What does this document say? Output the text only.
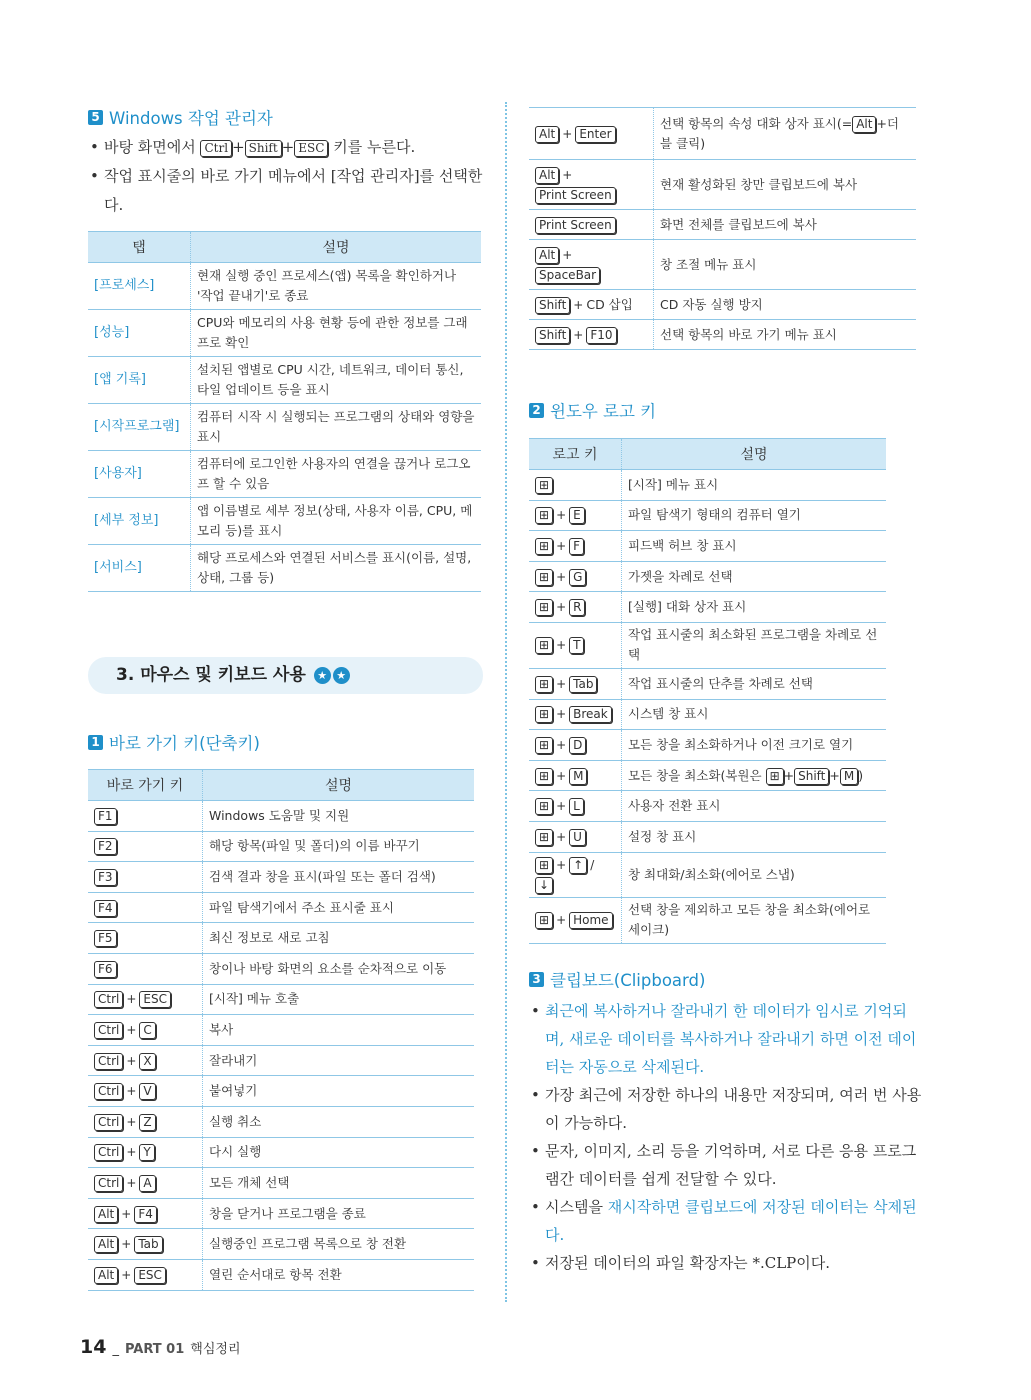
5 Windows 작업 관리자
• 바탕 화면에서 Ctrl + Shift + ESC 키를 누른다.
• 작업 표시줄의 바로 가기 메뉴에서 [작업 관리자]를 선택한다.
탭	설명
[프로세스]	현재 실행 중인 프로세스(앱) 목록을 확인하거나 '작업 끝내기'로 종료
[성능]	CPU와 메모리의 사용 현황 등에 관한 정보를 그래프로 확인
[앱 기록]	설치된 앱별로 CPU 시간, 네트워크, 데이터 통신, 타일 업데이트 등을 표시
[시작프로그램]	컴퓨터 시작 시 실행되는 프로그램의 상태와 영향을 표시
[사용자]	컴퓨터에 로그인한 사용자의 연결을 끊거나 로그오프 할 수 있음
[세부 정보]	앱 이름별로 세부 정보(상태, 사용자 이름, CPU, 메모리 등)를 표시
[서비스]	해당 프로세스와 연결된 서비스를 표시(이름, 설명, 상태, 그룹 등)
3. 마우스 및 키보드 사용 ★ ★
1 바로 가기 키(단축키)
바로 가기 키	설명
F1	Windows 도움말 및 지원
F2	해당 항목(파일 및 폴더)의 이름 바꾸기
F3	검색 결과 창을 표시(파일 또는 폴더 검색)
F4	파일 탐색기에서 주소 표시줄 표시
F5	최신 정보로 새로 고침
F6	창이나 바탕 화면의 요소를 순차적으로 이동
Ctrl + ESC	[시작] 메뉴 호출
Ctrl + C	복사
Ctrl + X	잘라내기
Ctrl + V	붙여넣기
Ctrl + Z	실행 취소
Ctrl + Y	다시 실행
Ctrl + A	모든 개체 선택
Alt + F4	창을 닫거나 프로그램을 종료
Alt + Tab	실행중인 프로그램 목록으로 창 전환
Alt + ESC	열린 순서대로 항목 전환
Alt + Enter	선택 항목의 속성 대화 상자 표시(= Alt +더블 클릭)
Alt +
Print Screen	현재 활성화된 창만 클립보드에 복사
Print Screen	화면 전체를 클립보드에 복사
Alt +
SpaceBar	창 조절 메뉴 표시
Shift + CD 삽입	CD 자동 실행 방지
Shift + F10	선택 항목의 바로 가기 메뉴 표시
2 윈도우 로고 키
로고 키	설명
⊞	[시작] 메뉴 표시
⊞ + E	파일 탐색기 형태의 컴퓨터 열기
⊞ + F	피드백 허브 창 표시
⊞ + G	가젯을 차례로 선택
⊞ + R	[실행] 대화 상자 표시
⊞ + T	작업 표시줄의 최소화된 프로그램을 차례로 선택
⊞ + Tab	작업 표시줄의 단추를 차례로 선택
⊞ + Break	시스템 창 표시
⊞ + D	모든 창을 최소화하거나 이전 크기로 열기
⊞ + M	모든 창을 최소화(복원은 ⊞ + Shift + M )
⊞ + L	사용자 전환 표시
⊞ + U	설정 창 표시
⊞ + ↑ /↓	창 최대화/최소화(에어로 스냅)
⊞ + Home	선택 창을 제외하고 모든 창을 최소화(에어로 세이크)
3 클립보드(Clipboard)
• 최근에 복사하거나 잘라내기 한 데이터가 임시로 기억되며, 새로운 데이터를 복사하거나 잘라내기 하면 이전 데이터는 자동으로 삭제된다.
• 가장 최근에 저장한 하나의 내용만 저장되며, 여러 번 사용이 가능하다.
• 문자, 이미지, 소리 등을 기억하며, 서로 다른 응용 프로그램간 데이터를 쉽게 전달할 수 있다.
• 시스템을 재시작하면 클립보드에 저장된 데이터는 삭제된다.
• 저장된 데이터의 파일 확장자는 *.CLP이다.
14 _ PART 01 핵심정리
